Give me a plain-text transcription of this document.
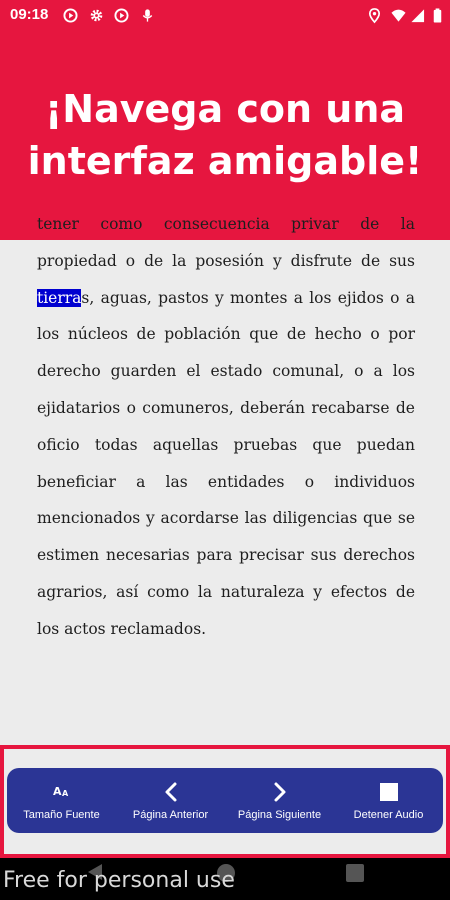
09:18
¡Navega con una interfaz amigable!

tener como consecuencia privar de la propiedad o de la posesión y disfrute de sus tierras, aguas, pastos y montes a los ejidos o a los núcleos de población que de hecho o por derecho guarden el estado comunal, o a los ejidatarios o comuneros, deberán recabarse de oficio todas aquellas pruebas que puedan beneficiar a las entidades o individuos mencionados y acordarse las diligencias que se estimen necesarias para precisar sus derechos agrarios, así como la naturaleza y efectos de los actos reclamados.

A A
Tamaño Fuente	Página Anterior	Página Siguiente	Detener Audio
Free for personal use
